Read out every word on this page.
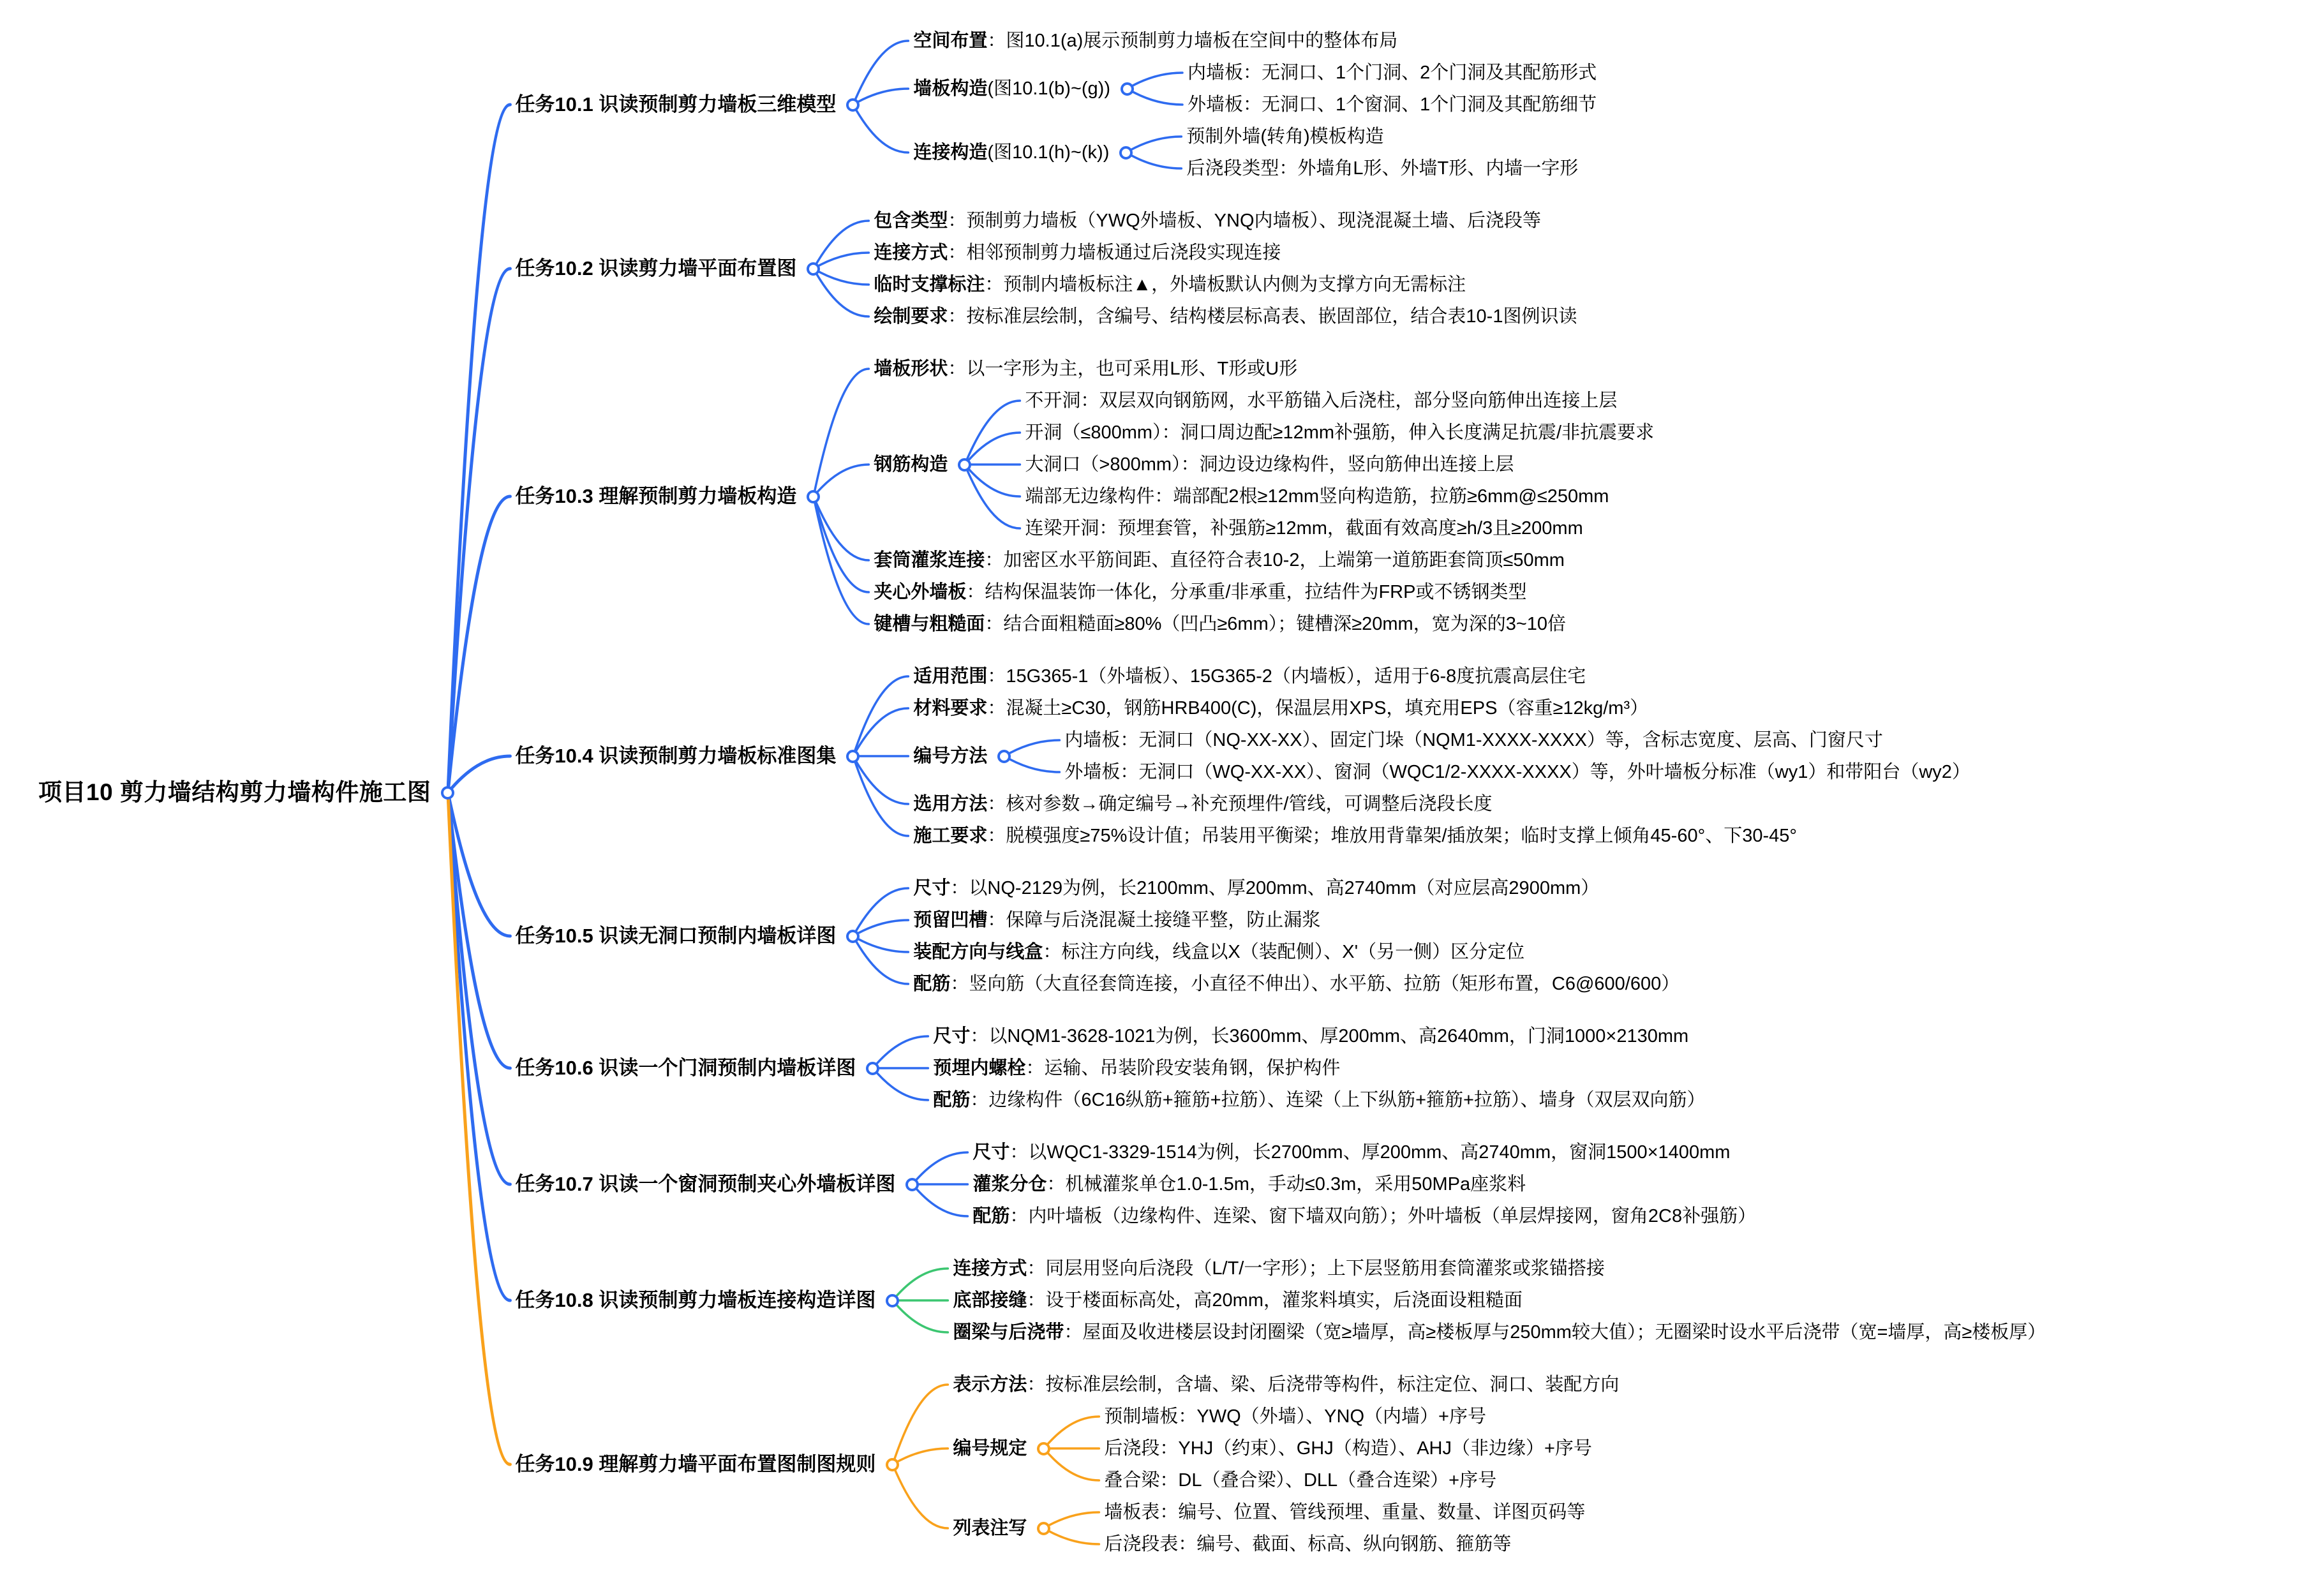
项目10 剪力墙结构剪力墙构件施工图
任务10.1 识读预制剪力墙板三维模型
空间布置 ：图10.1(a)展示预制剪力墙板在空间中的整体布局
墙板构造 (图10.1(b)~(g))
内墙板：无洞口、1个门洞、2个门洞及其配筋形式
外墙板：无洞口、1个窗洞、1个门洞及其配筋细节
连接构造 (图10.1(h)~(k))
预制外墙(转角)模板构造
后浇段类型：外墙角L形、外墙T形、内墙一字形
任务10.2 识读剪力墙平面布置图
包含类型 ：预制剪力墙板（YWQ外墙板、YNQ内墙板）、现浇混凝土墙、后浇段等
连接方式 ：相邻预制剪力墙板通过后浇段实现连接
临时支撑标注 ：预制内墙板标注▲，外墙板默认内侧为支撑方向无需标注
绘制要求 ：按标准层绘制，含编号、结构楼层标高表、嵌固部位，结合表10-1图例识读
任务10.3 理解预制剪力墙板构造
墙板形状 ：以一字形为主，也可采用L形、T形或U形
钢筋构造
不开洞：双层双向钢筋网，水平筋锚入后浇柱，部分竖向筋伸出连接上层
开洞（≤800mm）：洞口周边配≥12mm补强筋，伸入长度满足抗震/非抗震要求
大洞口（>800mm）：洞边设边缘构件，竖向筋伸出连接上层
端部无边缘构件：端部配2根≥12mm竖向构造筋，拉筋≥6mm@≤250mm
连梁开洞：预埋套管，补强筋≥12mm，截面有效高度≥h/3且≥200mm
套筒灌浆连接 ：加密区水平筋间距、直径符合表10-2，上端第一道筋距套筒顶≤50mm
夹心外墙板 ：结构保温装饰一体化，分承重/非承重，拉结件为FRP或不锈钢类型
键槽与粗糙面 ：结合面粗糙面≥80%（凹凸≥6mm）；键槽深≥20mm，宽为深的3~10倍
任务10.4 识读预制剪力墙板标准图集
适用范围 ：15G365-1（外墙板）、15G365-2（内墙板），适用于6-8度抗震高层住宅
材料要求 ：混凝土≥C30，钢筋HRB400(C)，保温层用XPS，填充用EPS（容重≥12kg/m³）
编号方法
内墙板：无洞口（NQ-XX-XX）、固定门垛（NQM1-XXXX-XXXX）等，含标志宽度、层高、门窗尺寸
外墙板：无洞口（WQ-XX-XX）、窗洞（WQC1/2-XXXX-XXXX）等，外叶墙板分标准（wy1）和带阳台（wy2）
选用方法 ：核对参数→确定编号→补充预埋件/管线，可调整后浇段长度
施工要求 ：脱模强度≥75%设计值；吊装用平衡梁；堆放用背靠架/插放架；临时支撑上倾角45-60°、下30-45°
任务10.5 识读无洞口预制内墙板详图
尺寸 ：以NQ-2129为例，长2100mm、厚200mm、高2740mm（对应层高2900mm）
预留凹槽 ：保障与后浇混凝土接缝平整，防止漏浆
装配方向与线盒 ：标注方向线，线盒以X（装配侧）、X'（另一侧）区分定位
配筋 ：竖向筋（大直径套筒连接，小直径不伸出）、水平筋、拉筋（矩形布置，C6@600/600）
任务10.6 识读一个门洞预制内墙板详图
尺寸 ：以NQM1-3628-1021为例，长3600mm、厚200mm、高2640mm，门洞1000×2130mm
预埋内螺栓 ：运输、吊装阶段安装角钢，保护构件
配筋 ：边缘构件（6C16纵筋+箍筋+拉筋）、连梁（上下纵筋+箍筋+拉筋）、墙身（双层双向筋）
任务10.7 识读一个窗洞预制夹心外墙板详图
尺寸 ：以WQC1-3329-1514为例，长2700mm、厚200mm、高2740mm，窗洞1500×1400mm
灌浆分仓 ：机械灌浆单仓1.0-1.5m，手动≤0.3m，采用50MPa座浆料
配筋 ：内叶墙板（边缘构件、连梁、窗下墙双向筋）；外叶墙板（单层焊接网，窗角2C8补强筋）
任务10.8 识读预制剪力墙板连接构造详图
连接方式 ：同层用竖向后浇段（L/T/一字形）；上下层竖筋用套筒灌浆或浆锚搭接
底部接缝 ：设于楼面标高处，高20mm，灌浆料填实，后浇面设粗糙面
圈梁与后浇带 ：屋面及收进楼层设封闭圈梁（宽≥墙厚，高≥楼板厚与250mm较大值）；无圈梁时设水平后浇带（宽=墙厚，高≥楼板厚）
任务10.9 理解剪力墙平面布置图制图规则
表示方法 ：按标准层绘制，含墙、梁、后浇带等构件，标注定位、洞口、装配方向
编号规定
预制墙板：YWQ（外墙）、YNQ（内墙）+序号
后浇段：YHJ（约束）、GHJ（构造）、AHJ（非边缘）+序号
叠合梁：DL（叠合梁）、DLL（叠合连梁）+序号
列表注写
墙板表：编号、位置、管线预埋、重量、数量、详图页码等
后浇段表：编号、截面、标高、纵向钢筋、箍筋等
